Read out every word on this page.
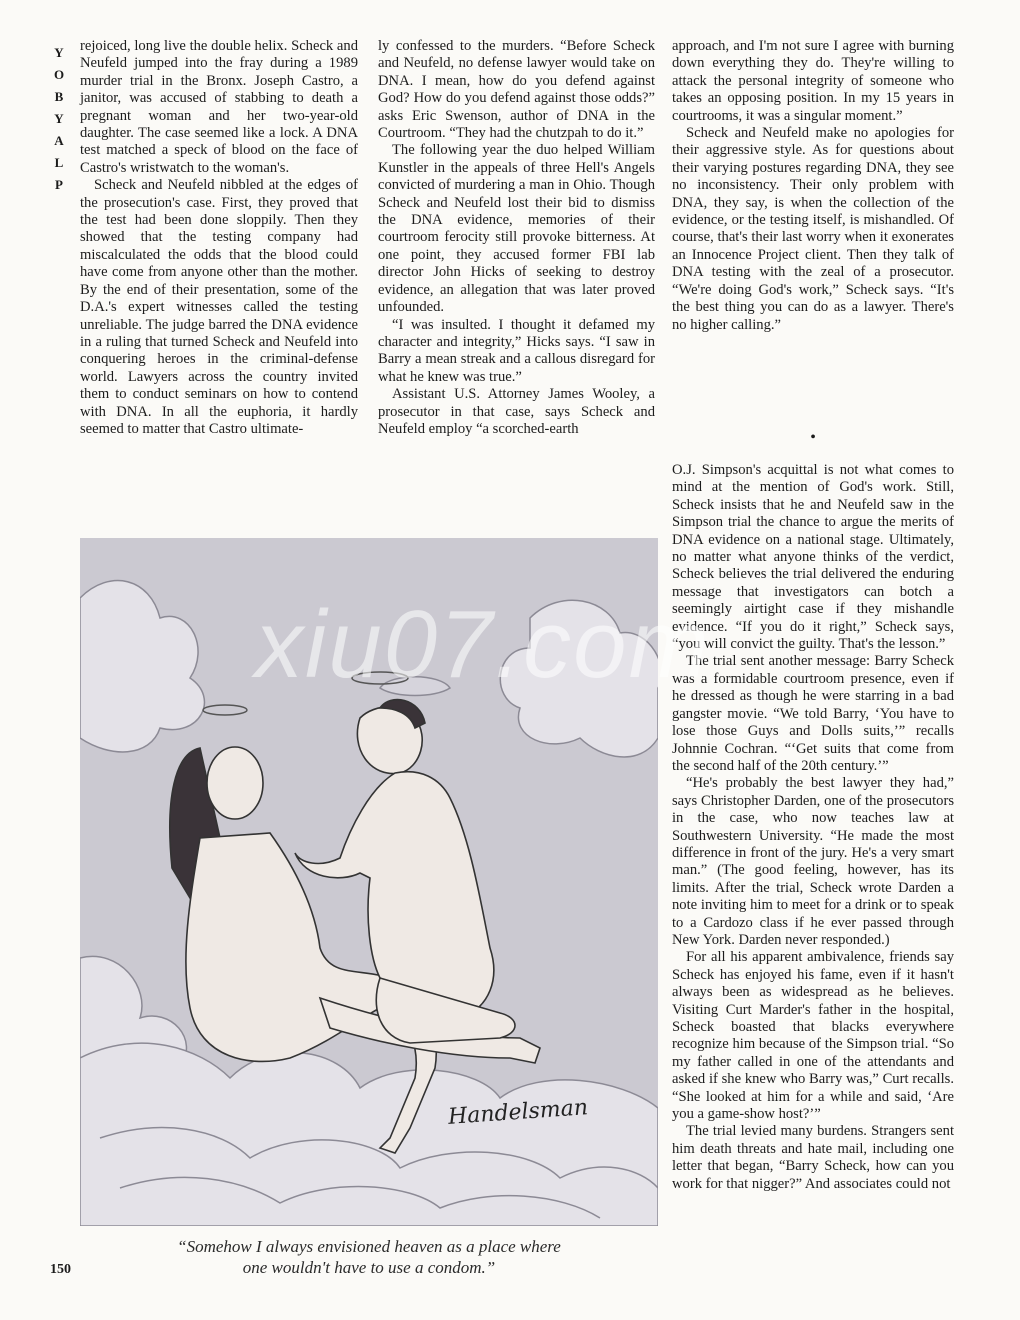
Y
O
B
Y
A
L
P

rejoiced, long live the double helix. Scheck and Neufeld jumped into the fray during a 1989 murder trial in the Bronx. Joseph Castro, a janitor, was accused of stabbing to death a pregnant woman and her two-year-old daughter. The case seemed like a lock. A DNA test matched a speck of blood on the face of Castro's wristwatch to the woman's.

Scheck and Neufeld nibbled at the edges of the prosecution's case. First, they proved that the test had been done sloppily. Then they showed that the testing company had miscalculated the odds that the blood could have come from anyone other than the mother. By the end of their presentation, some of the D.A.'s expert witnesses called the testing unreliable. The judge barred the DNA evidence in a ruling that turned Scheck and Neufeld into conquering heroes in the criminal-defense world. Lawyers across the country invited them to conduct seminars on how to contend with DNA. In all the euphoria, it hardly seemed to matter that Castro ultimate-

ly confessed to the murders. “Before Scheck and Neufeld, no defense lawyer would take on DNA. I mean, how do you defend against God? How do you defend against those odds?” asks Eric Swenson, author of DNA in the Courtroom. “They had the chutzpah to do it.”

The following year the duo helped William Kunstler in the appeals of three Hell's Angels convicted of murdering a man in Ohio. Though Scheck and Neufeld lost their bid to dismiss the DNA evidence, memories of their courtroom ferocity still provoke bitterness. At one point, they accused former FBI lab director John Hicks of seeking to destroy evidence, an allegation that was later proved unfounded.

“I was insulted. I thought it defamed my character and integrity,” Hicks says. “I saw in Barry a mean streak and a callous disregard for what he knew was true.”

Assistant U.S. Attorney James Wooley, a prosecutor in that case, says Scheck and Neufeld employ “a scorched-earth

approach, and I'm not sure I agree with burning down everything they do. They're willing to attack the personal integrity of someone who takes an opposing position. In my 15 years in courtrooms, it was a singular moment.”

Scheck and Neufeld make no apologies for their aggressive style. As for questions about their varying postures regarding DNA, they see no inconsistency. Their only problem with DNA, they say, is when the collection of the evidence, or the testing itself, is mishandled. Of course, that's their last worry when it exonerates an Innocence Project client. Then they talk of DNA testing with the zeal of a prosecutor. “We're doing God's work,” Scheck says. “It's the best thing you can do as a lawyer. There's no higher calling.”

•

O.J. Simpson's acquittal is not what comes to mind at the mention of God's work. Still, Scheck insists that he and Neufeld saw in the Simpson trial the chance to argue the merits of DNA evidence on a national stage. Ultimately, no matter what anyone thinks of the verdict, Scheck believes the trial delivered the enduring message that investigators can botch a seemingly airtight case if they mishandle evidence. “If you do it right,” Scheck says, “you will convict the guilty. That's the lesson.”

The trial sent another message: Barry Scheck was a formidable courtroom presence, even if he dressed as though he were starring in a bad gangster movie. “We told Barry, ‘You have to lose those Guys and Dolls suits,’” recalls Johnnie Cochran. “‘Get suits that come from the second half of the 20th century.’”

“He's probably the best lawyer they had,” says Christopher Darden, one of the prosecutors in the case, who now teaches law at Southwestern University. “He made the most difference in front of the jury. He's a very smart man.” (The good feeling, however, has its limits. After the trial, Scheck wrote Darden a note inviting him to meet for a drink or to speak to a Cardozo class if he ever passed through New York. Darden never responded.)

For all his apparent ambivalence, friends say Scheck has enjoyed his fame, even if it hasn't always been as widespread as he believes. Visiting Curt Marder's father in the hospital, Scheck boasted that blacks everywhere recognize him because of the Simpson trial. “So my father called in one of the attendants and asked if she knew who Barry was,” Curt recalls. “She looked at him for a while and said, ‘Are you a game-show host?’”

The trial levied many burdens. Strangers sent him death threats and hate mail, including one letter that began, “Barry Scheck, how can you work for that nigger?” And associates could not

Handelsman
xiu07.com
“Somehow I always envisioned heaven as a place where
one wouldn't have to use a condom.”
150
